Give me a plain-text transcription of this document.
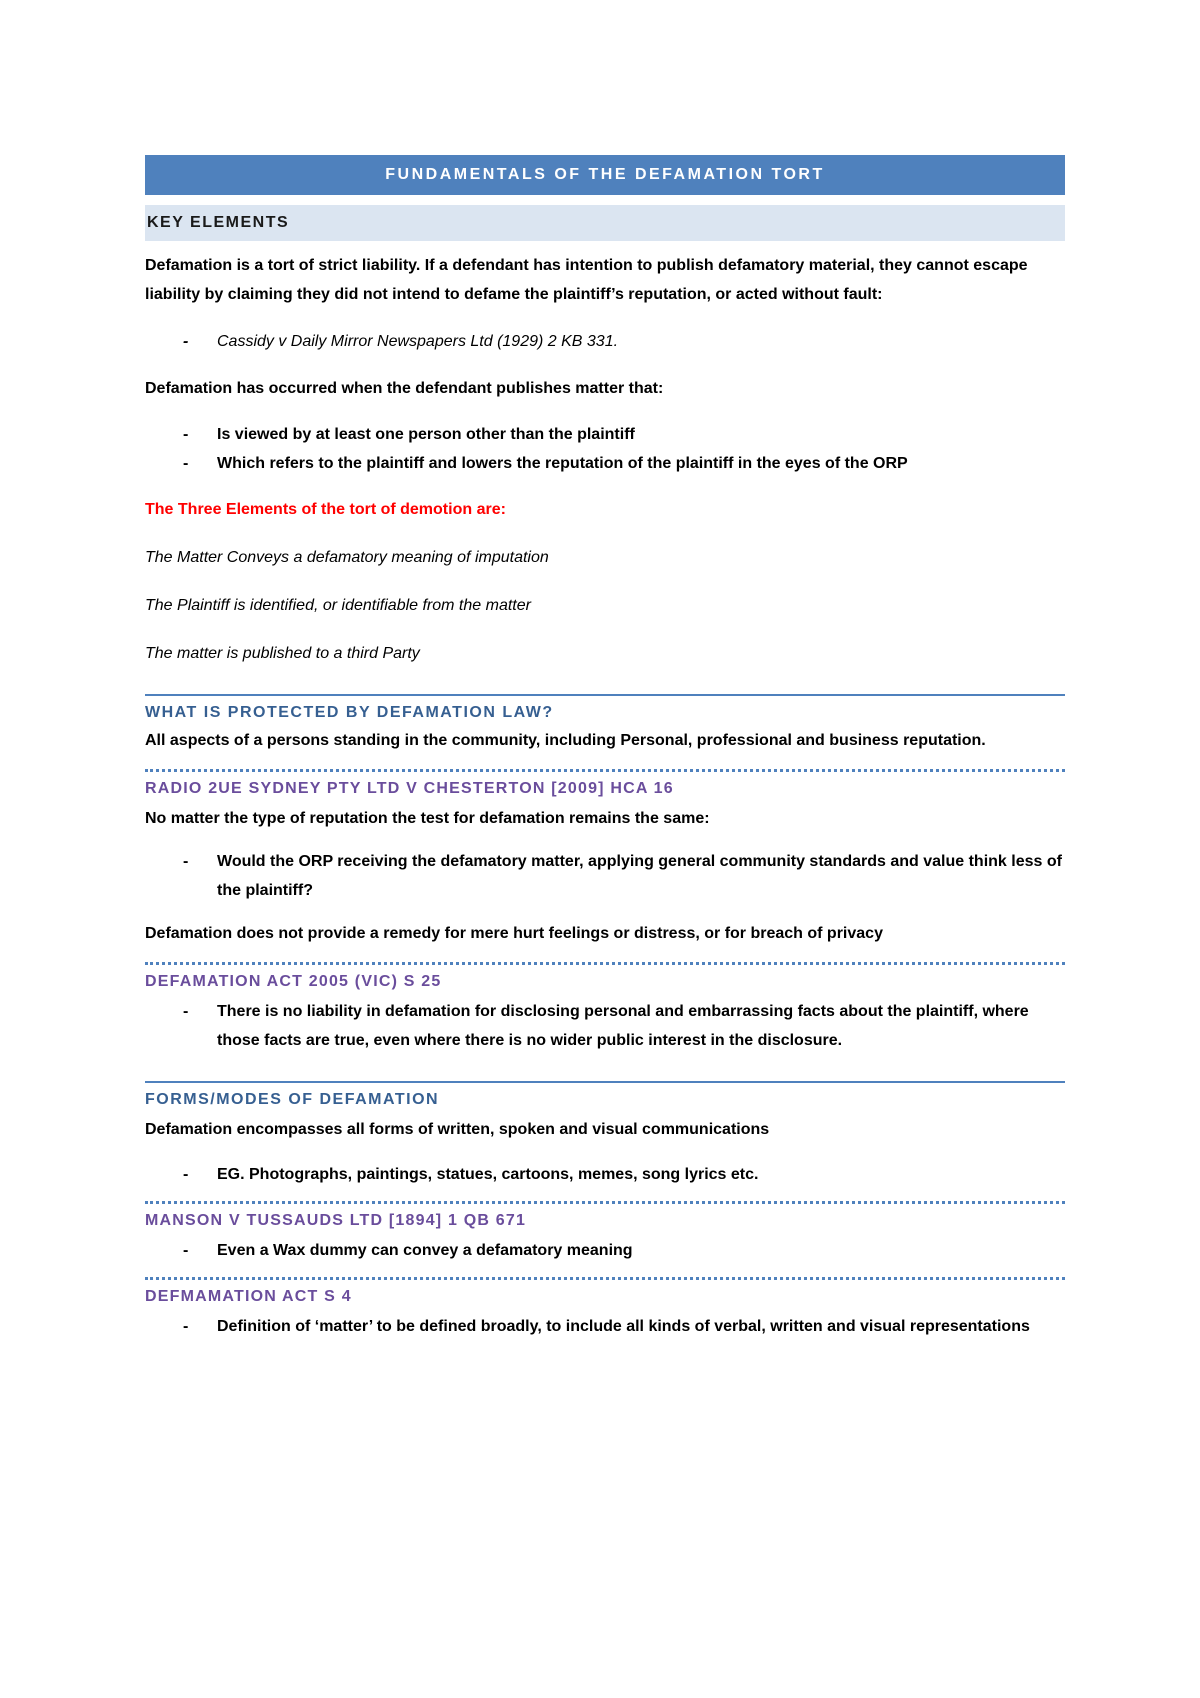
FUNDAMENTALS OF THE DEFAMATION TORT
KEY ELEMENTS

Defamation is a tort of strict liability. If a defendant has intention to publish defamatory material, they cannot escape liability by claiming they did not intend to defame the plaintiff’s reputation, or acted without fault:

-	Cassidy v Daily Mirror Newspapers Ltd (1929) 2 KB 331.

Defamation has occurred when the defendant publishes matter that:

-	Is viewed by at least one person other than the plaintiff
-	Which refers to the plaintiff and lowers the reputation of the plaintiff in the eyes of the ORP

The Three Elements of the tort of demotion are:

The Matter Conveys a defamatory meaning of imputation

The Plaintiff is identified, or identifiable from the matter

The matter is published to a third Party

WHAT IS PROTECTED BY DEFAMATION LAW?

All aspects of a persons standing in the community, including Personal, professional and business reputation.

RADIO 2UE SYDNEY PTY LTD V CHESTERTON [2009] HCA 16

No matter the type of reputation the test for defamation remains the same:

-	Would the ORP receiving the defamatory matter, applying general community standards and value think less of the plaintiff?

Defamation does not provide a remedy for mere hurt feelings or distress, or for breach of privacy

DEFAMATION ACT 2005 (VIC) S 25
-	There is no liability in defamation for disclosing personal and embarrassing facts about the plaintiff, where those facts are true, even where there is no wider public interest in the disclosure.
FORMS/MODES OF DEFAMATION

Defamation encompasses all forms of written, spoken and visual communications

-	EG. Photographs, paintings, statues, cartoons, memes, song lyrics etc.
MANSON V TUSSAUDS LTD [1894] 1 QB 671
-	Even a Wax dummy can convey a defamatory meaning
DEFMAMATION ACT S 4
-	Definition of ‘matter’ to be defined broadly, to include all kinds of verbal, written and visual representations
